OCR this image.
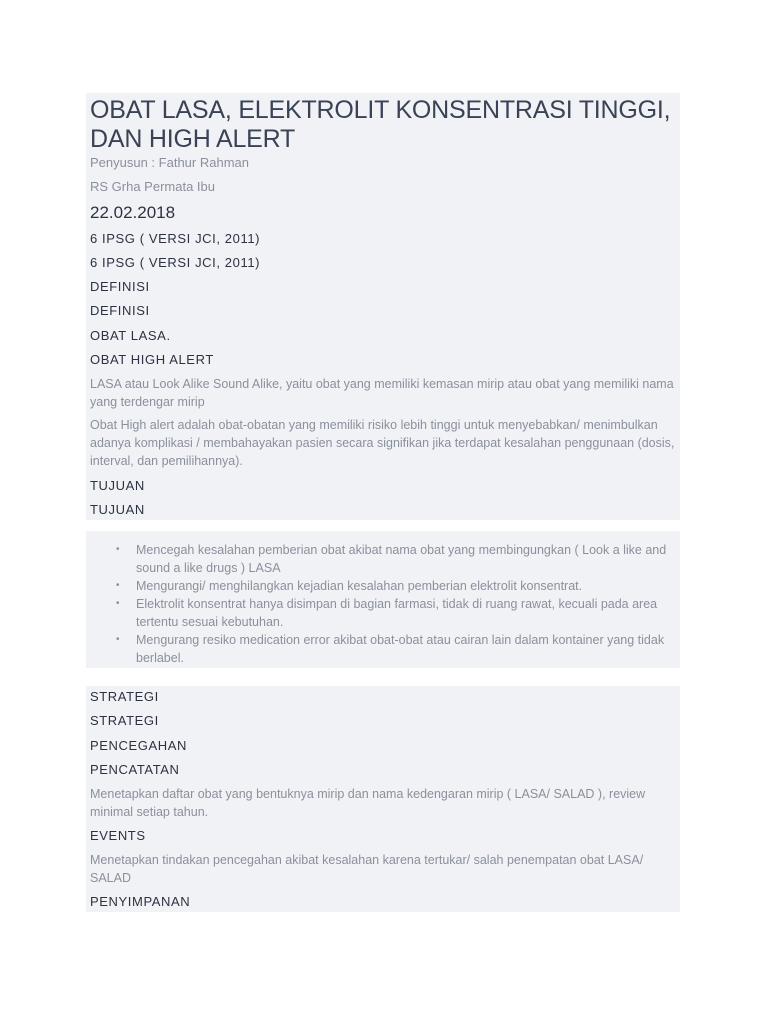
OBAT LASA, ELEKTROLIT KONSENTRASI TINGGI, DAN HIGH ALERT

Penyusun : Fathur Rahman

RS Grha Permata Ibu

22.02.2018

6 IPSG ( VERSI JCI, 2011)

6 IPSG ( VERSI JCI, 2011)

DEFINISI

DEFINISI

OBAT LASA.

OBAT HIGH ALERT

LASA atau Look Alike Sound Alike, yaitu obat yang memiliki kemasan mirip atau obat yang memiliki nama yang terdengar mirip

Obat High alert adalah obat-obatan yang memiliki risiko lebih tinggi untuk menyebabkan/ menimbulkan adanya komplikasi / membahayakan pasien secara signifikan jika terdapat kesalahan penggunaan (dosis, interval, dan pemilihannya).

TUJUAN

TUJUAN

• Mencegah kesalahan pemberian obat akibat nama obat yang membingungkan ( Look a like and sound a like drugs ) LASA
• Mengurangi/ menghilangkan kejadian kesalahan pemberian elektrolit konsentrat.
• Elektrolit konsentrat hanya disimpan di bagian farmasi, tidak di ruang rawat, kecuali pada area tertentu sesuai kebutuhan.
• Mengurang resiko medication error akibat obat-obat atau cairan lain dalam kontainer yang tidak berlabel.

STRATEGI

STRATEGI

PENCEGAHAN

PENCATATAN

Menetapkan daftar obat yang bentuknya mirip dan nama kedengaran mirip ( LASA/ SALAD ), review minimal setiap tahun.

EVENTS

Menetapkan tindakan pencegahan akibat kesalahan karena tertukar/ salah penempatan obat LASA/ SALAD

PENYIMPANAN
